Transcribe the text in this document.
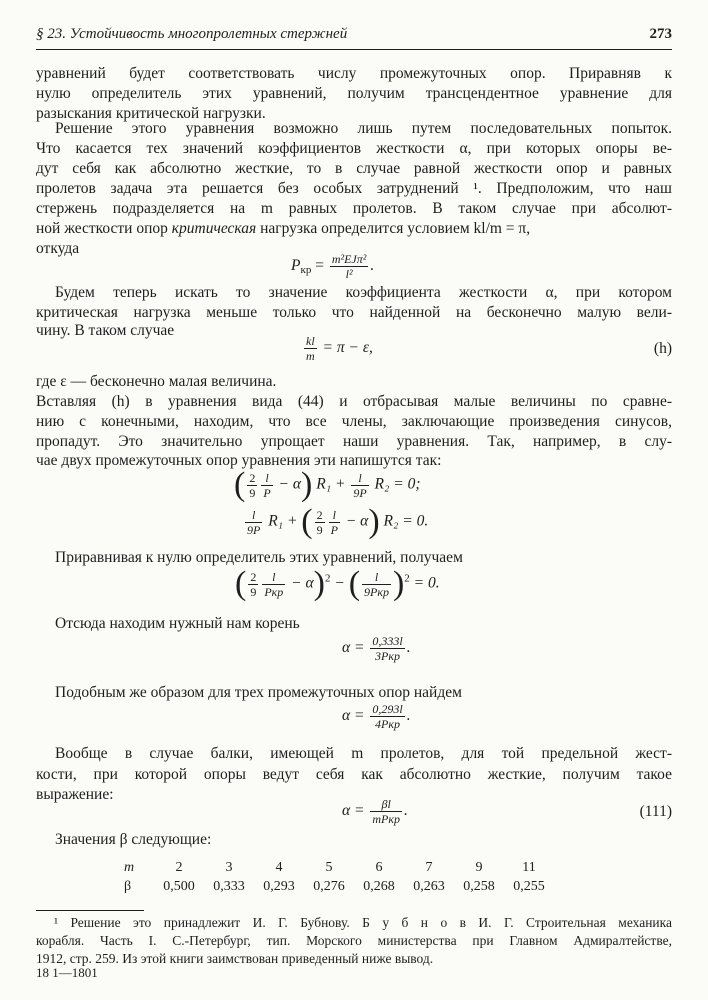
§ 23. Устойчивость многопролетных стержней	273
уравнений будет соответствовать числу промежуточных опор. Приравняв к
нулю определитель этих уравнений, получим трансцендентное уравнение для
разыскания критической нагрузки.
Решение этого уравнения возможно лишь путем последовательных попыток.
Что касается тех значений коэффициентов жесткости α, при которых опоры ве-
дут себя как абсолютно жесткие, то в случае равной жесткости опор и равных
пролетов задача эта решается без особых затруднений ¹. Предположим, что наш
стержень подразделяется на m равных пролетов. В таком случае при абсолют-
ной жесткости опор критическая нагрузка определится условием kl/m = π,
откуда
$P_{кр} = \frac{\text{m²EJπ²}}{\text{l²}}$ .
Будем теперь искать то значение коэффициента жесткости α, при котором
критическая нагрузка меньше только что найденной на бесконечно малую вели-
чину. В таком случае
$\frac{kl}{m} = \pi - \varepsilon$,	(h)
где ε — бесконечно малая величина.
Вставляя (h) в уравнения вида (44) и отбрасывая малые величины по сравне-
нию с конечными, находим, что все члены, заключающие произведения синусов,
пропадут. Это значительно упрощает наши уравнения. Так, например, в слу-
чае двух промежуточных опор уравнения эти напишутся так:
( $\frac{2}{9} \frac{l}{P} - \alpha$) $R_1 + \frac{l}{9P} R_2 = 0$;
$\frac{l}{9P} R_1$ + ( $\frac{2}{9} \frac{l}{P} - \alpha$) R₂ = 0.
Приравнивая к нулю определитель этих уравнений, получаем
( $\frac{2}{9} \frac{l}{\text{Pкр}} - \alpha)^2$ − ( $\frac{l}{\text{9Pкр}} )^2 = 0$.
Отсюда находим нужный нам корень
$\alpha = \frac{0,333l}{\text{3Pкр}}$ .
Подобным же образом для трех промежуточных опор найдем
$\alpha = \frac{0,293l}{\text{4Pкр}}$ .
Вообще в случае балки, имеющей m пролетов, для той предельной жест-
кости, при которой опоры ведут себя как абсолютно жесткие, получим такое
выражение:
$\alpha = \frac{\beta l}{\text{mPкр}}$ .	(111)
Значения β следующие:
m	2	3	4	5	6	7	9	11
β	0,500	0,333	0,293	0,276	0,268	0,263	0,258	0,255
¹ Решение это принадлежит И. Г. Бубнову. Б у б н о в И. Г. Строительная механика
корабля. Часть I. С.-Петербург, тип. Морского министерства при Главном Адмиралтействе,
1912, стр. 259. Из этой книги заимствован приведенный ниже вывод.
18 1—1801
